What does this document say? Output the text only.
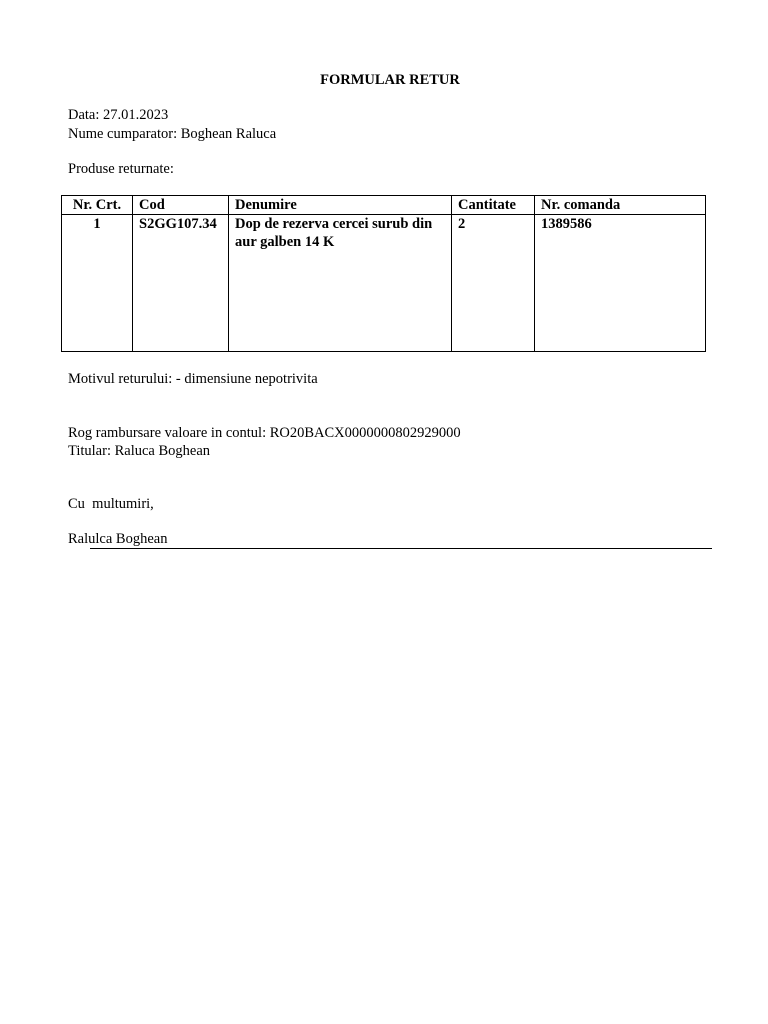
FORMULAR RETUR
Data: 27.01.2023
Nume cumparator: Boghean Raluca
Produse returnate:
Nr. Crt.	Cod	Denumire	Cantitate	Nr. comanda
1	S2GG107.34	Dop de rezerva cercei surub din aur galben 14 K	2	1389586
Motivul returului: - dimensiune nepotrivita
Rog rambursare valoare in contul: RO20BACX0000000802929000
Titular: Raluca Boghean
Cu  multumiri,
Ralulca Boghean
